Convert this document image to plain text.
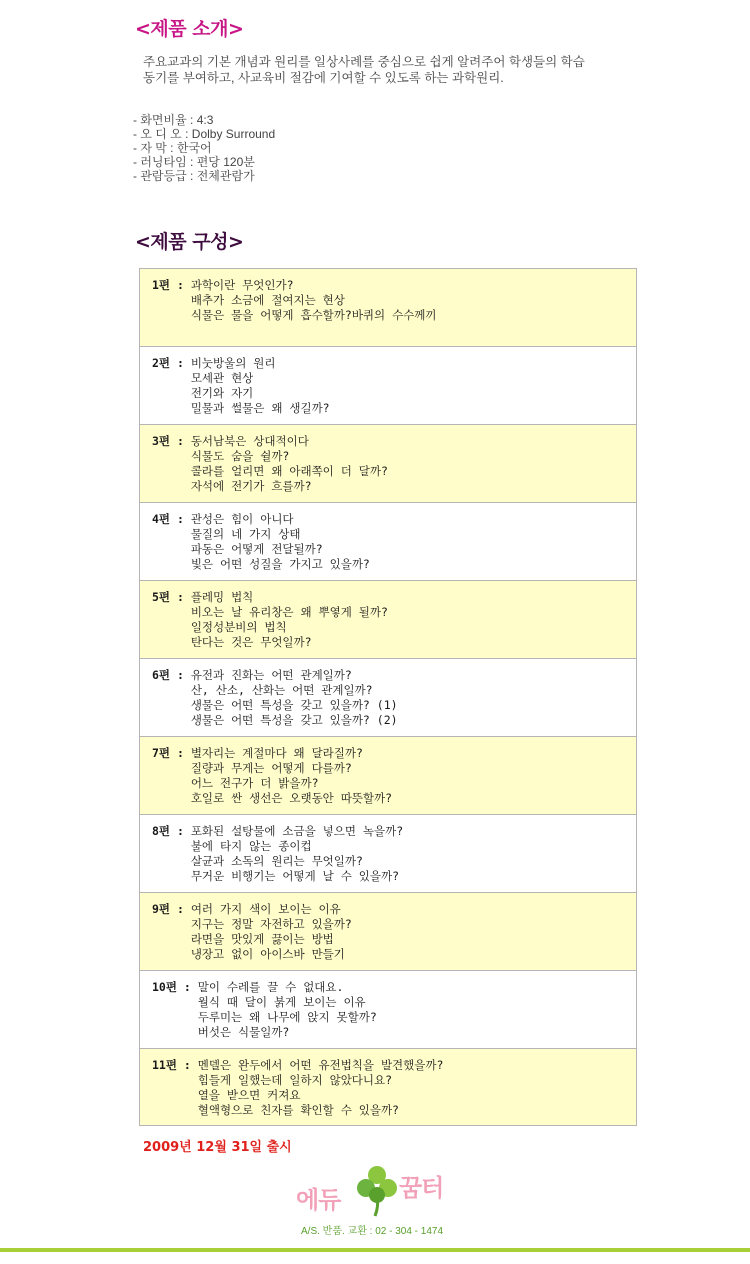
<제품 소개>
주요교과의 기본 개념과 원리를 일상사례를 중심으로 쉽게 알려주어 학생들의 학습
동기를 부여하고, 사교육비 절감에 기여할 수 있도록 하는 과학원리.
- 화면비율 : 4:3
- 오 디 오 : Dolby Surround
- 자 막 : 한국어
- 러닝타임 : 편당 120분
- 관람등급 : 전체관람가
<제품 구성>
1편 : 과학이란 무엇인가?
배추가 소금에 절여지는 현상
식물은 물을 어떻게 흡수할까?바퀴의 수수께끼
2편 : 비눗방울의 원리
모세관 현상
전기와 자기
밀물과 썰물은 왜 생길까?
3편 : 동서남북은 상대적이다
식물도 숨을 쉴까?
콜라를 얼리면 왜 아래쪽이 더 달까?
자석에 전기가 흐를까?
4편 : 관성은 힘이 아니다
물질의 네 가지 상태
파동은 어떻게 전달될까?
빛은 어떤 성질을 가지고 있을까?
5편 : 플레밍 법칙
비오는 날 유리창은 왜 뿌옇게 될까?
일정성분비의 법칙
탄다는 것은 무엇일까?
6편 : 유전과 진화는 어떤 관계일까?
산, 산소, 산화는 어떤 관계일까?
생물은 어떤 특성을 갖고 있을까? (1)
생물은 어떤 특성을 갖고 있을까? (2)
7편 : 별자리는 계절마다 왜 달라질까?
질량과 무게는 어떻게 다를까?
어느 전구가 더 밝을까?
호일로 싼 생선은 오랫동안 따뜻할까?
8편 : 포화된 설탕물에 소금을 넣으면 녹을까?
불에 타지 않는 종이컵
살균과 소독의 원리는 무엇일까?
무거운 비행기는 어떻게 날 수 있을까?
9편 : 여러 가지 색이 보이는 이유
지구는 정말 자전하고 있을까?
라면을 맛있게 끓이는 방법
냉장고 없이 아이스바 만들기
10편 : 말이 수레를 끌 수 없대요.
월식 때 달이 붉게 보이는 이유
두루미는 왜 나무에 앉지 못할까?
버섯은 식물일까?
11편 : 멘델은 완두에서 어떤 유전법칙을 발견했을까?
힘들게 일했는데 일하지 않았다니요?
열을 받으면 커져요
혈액형으로 친자를 확인할 수 있을까?

2009년 12월 31일 출시

에듀 꿈터

A/S. 반품. 교환 : 02 - 304 - 1474
